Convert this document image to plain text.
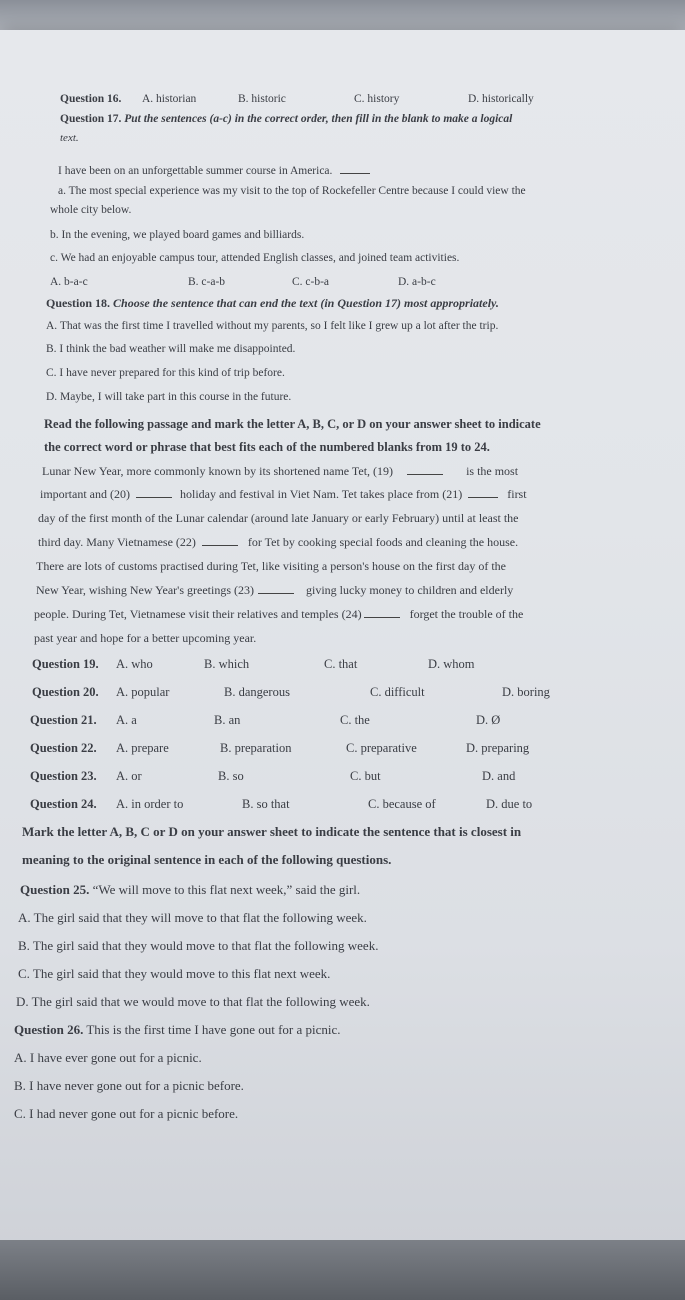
Question 16. A. historian	B. historic	C. history	D. historically
Question 17. Put the sentences (a-c) in the correct order, then fill in the blank to make a logical
text.
I have been on an unforgettable summer course in America.
a. The most special experience was my visit to the top of Rockefeller Centre because I could view the
whole city below.
b. In the evening, we played board games and billiards.
c. We had an enjoyable campus tour, attended English classes, and joined team activities.
A. b-a-c	B. c-a-b	C. c-b-a	D. a-b-c
Question 18. Choose the sentence that can end the text (in Question 17) most appropriately.
A. That was the first time I travelled without my parents, so I felt like I grew up a lot after the trip.
B. I think the bad weather will make me disappointed.
C. I have never prepared for this kind of trip before.
D. Maybe, I will take part in this course in the future.
Read the following passage and mark the letter A, B, C, or D on your answer sheet to indicate
the correct word or phrase that best fits each of the numbered blanks from 19 to 24.
Lunar New Year, more commonly known by its shortened name Tet, (19)	is the most
important and (20)	holiday and festival in Viet Nam. Tet takes place from (21)	first
day of the first month of the Lunar calendar (around late January or early February) until at least the
third day. Many Vietnamese (22)	for Tet by cooking special foods and cleaning the house.
There are lots of customs practised during Tet, like visiting a person's house on the first day of the
New Year, wishing New Year's greetings (23)	giving lucky money to children and elderly
people. During Tet, Vietnamese visit their relatives and temples (24)	forget the trouble of the
past year and hope for a better upcoming year.
Question 19. A. who	B. which	C. that	D. whom
Question 20. A. popular	B. dangerous	C. difficult	D. boring
Question 21. A. a	B. an	C. the	D. Ø
Question 22. A. prepare	B. preparation	C. preparative	D. preparing
Question 23. A. or	B. so	C. but	D. and
Question 24. A. in order to	B. so that	C. because of	D. due to
Mark the letter A, B, C or D on your answer sheet to indicate the sentence that is closest in
meaning to the original sentence in each of the following questions.
Question 25. “We will move to this flat next week,” said the girl.
A. The girl said that they will move to that flat the following week.
B. The girl said that they would move to that flat the following week.
C. The girl said that they would move to this flat next week.
D. The girl said that we would move to that flat the following week.
Question 26. This is the first time I have gone out for a picnic.
A. I have ever gone out for a picnic.
B. I have never gone out for a picnic before.
C. I had never gone out for a picnic before.
